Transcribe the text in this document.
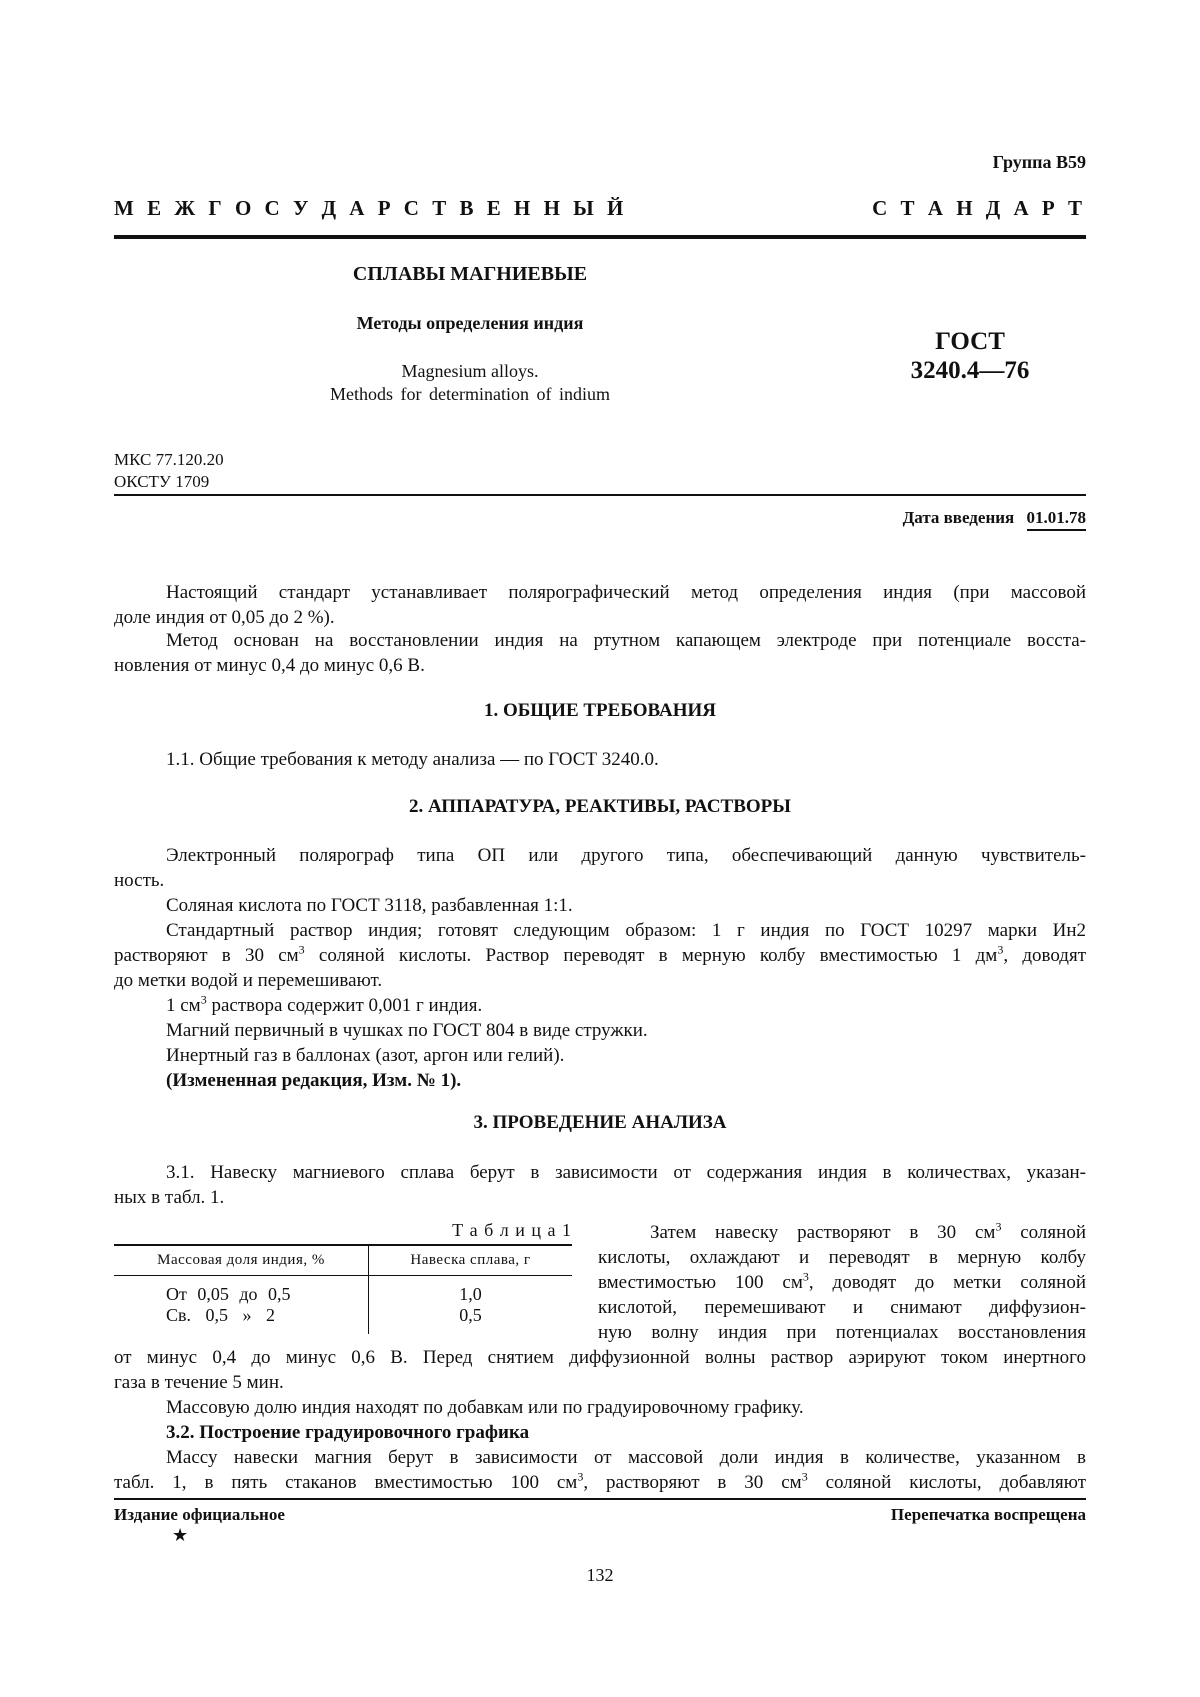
Группа В59
М Е Ж Г О С У Д А Р С Т В Е Н Н Ы Й	С Т А Н Д А Р Т
СПЛАВЫ МАГНИЕВЫЕ
Методы определения индия
Magnesium alloys.
Methods for determination of indium
ГОСТ
3240.4—76
МКС 77.120.20
ОКСТУ 1709
Дата введения 01.01.78
Настоящий стандарт устанавливает полярографический метод определения индия (при массовой
доле индия от 0,05 до 2 %).
Метод основан на восстановлении индия на ртутном капающем электроде при потенциале восста-
новления от минус 0,4 до минус 0,6 В.
1. ОБЩИЕ ТРЕБОВАНИЯ
1.1. Общие требования к методу анализа — по ГОСТ 3240.0.
2. АППАРАТУРА, РЕАКТИВЫ, РАСТВОРЫ
Электронный полярограф типа ОП или другого типа, обеспечивающий данную чувствитель-
ность.
Соляная кислота по ГОСТ 3118, разбавленная 1:1.
Стандартный раствор индия; готовят следующим образом: 1 г индия по ГОСТ 10297 марки Ин2
растворяют в 30 $см^3$ соляной кислоты. Раствор переводят в мерную колбу вместимостью 1 $дм^3$, доводят
до метки водой и перемешивают.
1 $см^3$ раствора содержит 0,001 г индия.
Магний первичный в чушках по ГОСТ 804 в виде стружки.
Инертный газ в баллонах (азот, аргон или гелий).
(Измененная редакция, Изм. № 1).
3. ПРОВЕДЕНИЕ АНАЛИЗА
3.1. Навеску магниевого сплава берут в зависимости от содержания индия в количествах, указан-
ных в табл. 1.
Т а б л и ц а 1
Массовая доля индия, %	Навеска сплава, г
От 0,05 до 0,5	1,0
Св. 0,5 » 2	0,5
Затем навеску растворяют в 30 $см^3$ соляной
кислоты, охлаждают и переводят в мерную колбу
вместимостью 100 $см^3$, доводят до метки соляной
кислотой, перемешивают и снимают диффузион-
ную волну индия при потенциалах восстановления
от минус 0,4 до минус 0,6 В. Перед снятием диффузионной волны раствор аэрируют током инертного
газа в течение 5 мин.
Массовую долю индия находят по добавкам или по градуировочному графику.
3.2. Построение градуировочного графика
Массу навески магния берут в зависимости от массовой доли индия в количестве, указанном в
табл. 1, в пять стаканов вместимостью 100 $см^3$, растворяют в 30 $см^3$ соляной кислоты, добавляют
Издание официальное	Перепечатка воспрещена
★
132
